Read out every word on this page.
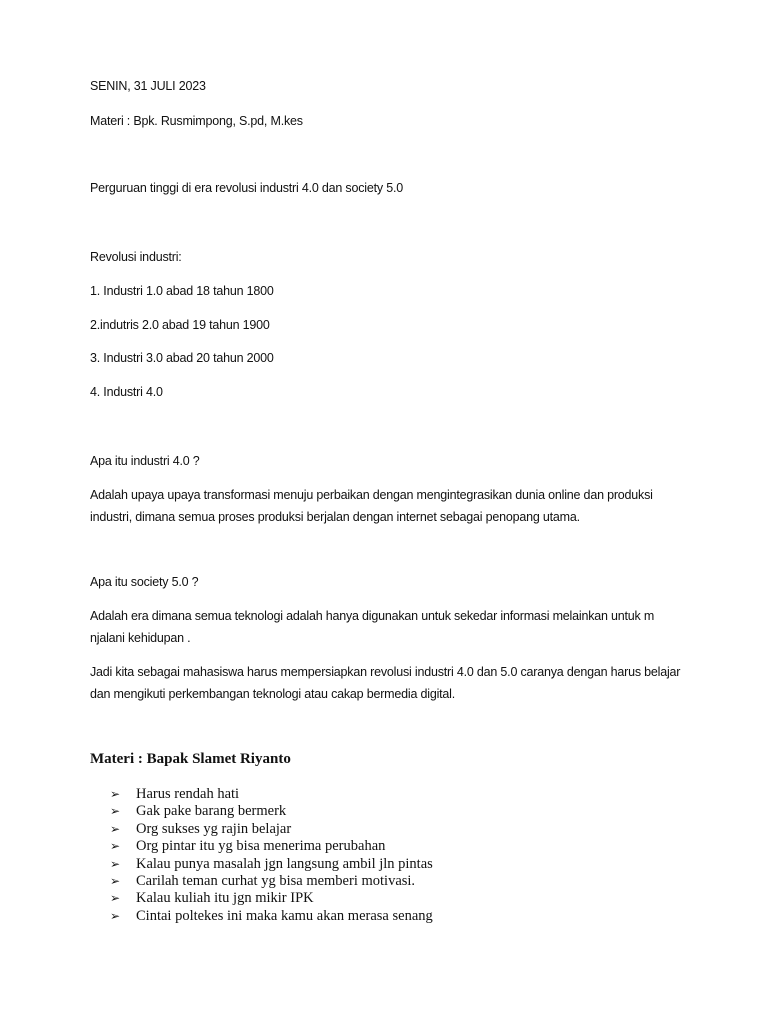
SENIN, 31 JULI 2023
Materi : Bpk. Rusmimpong, S.pd, M.kes
Perguruan tinggi di era revolusi industri 4.0 dan society 5.0
Revolusi industri:
1. Industri 1.0 abad 18 tahun 1800
2.indutris 2.0 abad 19 tahun 1900
3. Industri 3.0 abad 20 tahun 2000
4. Industri 4.0
Apa itu industri 4.0 ?
Adalah upaya upaya transformasi menuju perbaikan dengan mengintegrasikan dunia online dan produksi industri, dimana semua proses produksi berjalan dengan internet sebagai penopang utama.
Apa itu society 5.0 ?
Adalah era dimana semua teknologi adalah hanya digunakan untuk sekedar informasi melainkan untuk m njalani kehidupan .
Jadi kita sebagai mahasiswa harus mempersiapkan revolusi industri 4.0 dan 5.0 caranya dengan harus belajar dan mengikuti perkembangan teknologi atau cakap bermedia digital.
Materi : Bapak Slamet Riyanto
➢	Harus rendah hati
➢	Gak pake barang bermerk
➢	Org sukses yg rajin belajar
➢	Org pintar itu yg bisa menerima perubahan
➢	Kalau punya masalah jgn langsung ambil jln pintas
➢	Carilah teman curhat yg bisa memberi motivasi.
➢	Kalau kuliah itu jgn mikir IPK
➢	Cintai poltekes ini maka kamu akan merasa senang
